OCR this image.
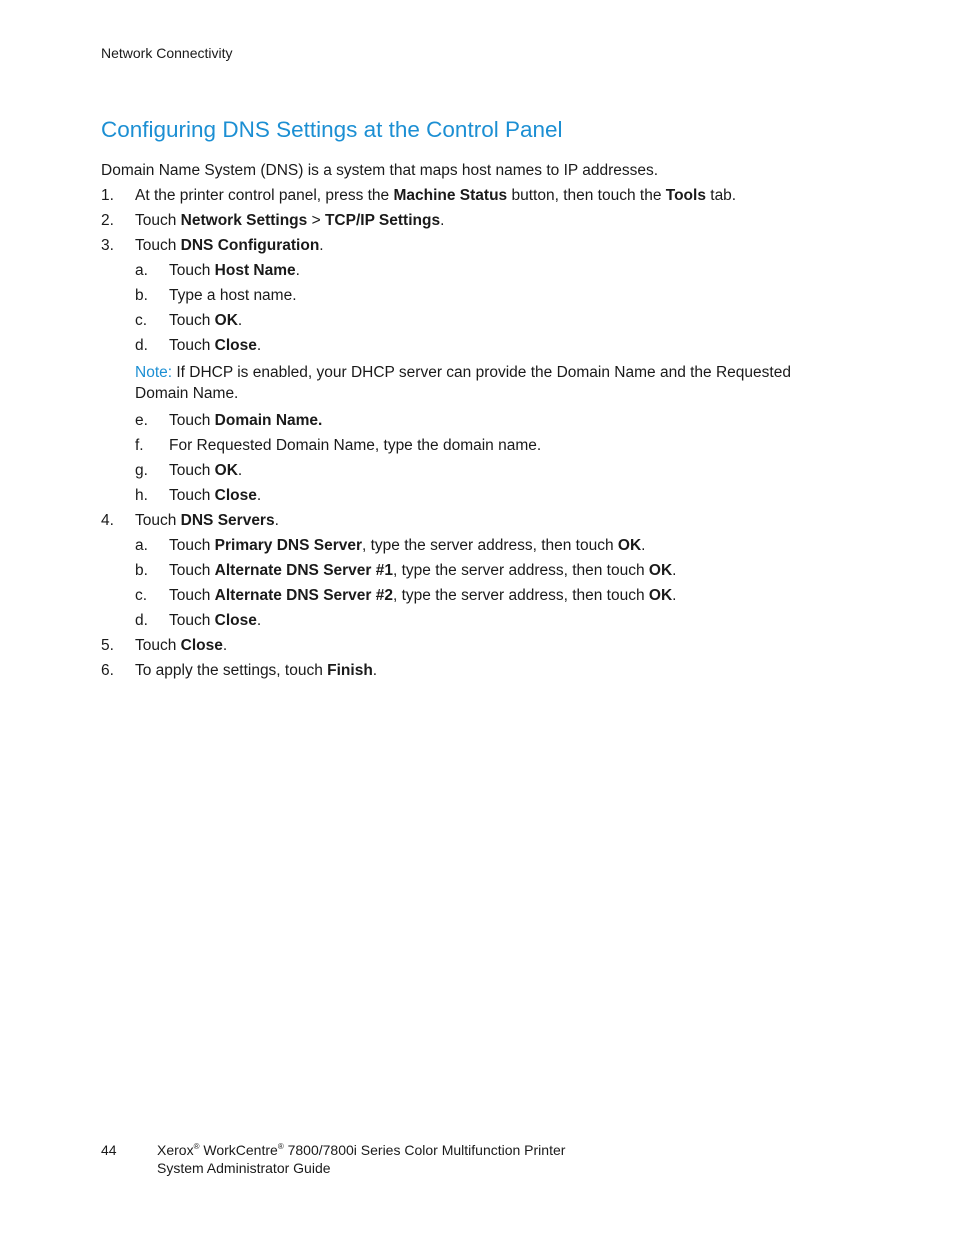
Network Connectivity
Configuring DNS Settings at the Control Panel
Domain Name System (DNS) is a system that maps host names to IP addresses.
1. At the printer control panel, press the Machine Status button, then touch the Tools tab.
2. Touch Network Settings > TCP/IP Settings.
3. Touch DNS Configuration.
a. Touch Host Name.
b. Type a host name.
c. Touch OK.
d. Touch Close.
Note: If DHCP is enabled, your DHCP server can provide the Domain Name and the Requested Domain Name.
e. Touch Domain Name.
f. For Requested Domain Name, type the domain name.
g. Touch OK.
h. Touch Close.
4. Touch DNS Servers.
a. Touch Primary DNS Server, type the server address, then touch OK.
b. Touch Alternate DNS Server #1, type the server address, then touch OK.
c. Touch Alternate DNS Server #2, type the server address, then touch OK.
d. Touch Close.
5. Touch Close.
6. To apply the settings, touch Finish.
44	Xerox® WorkCentre® 7800/7800i Series Color Multifunction Printer
System Administrator Guide
